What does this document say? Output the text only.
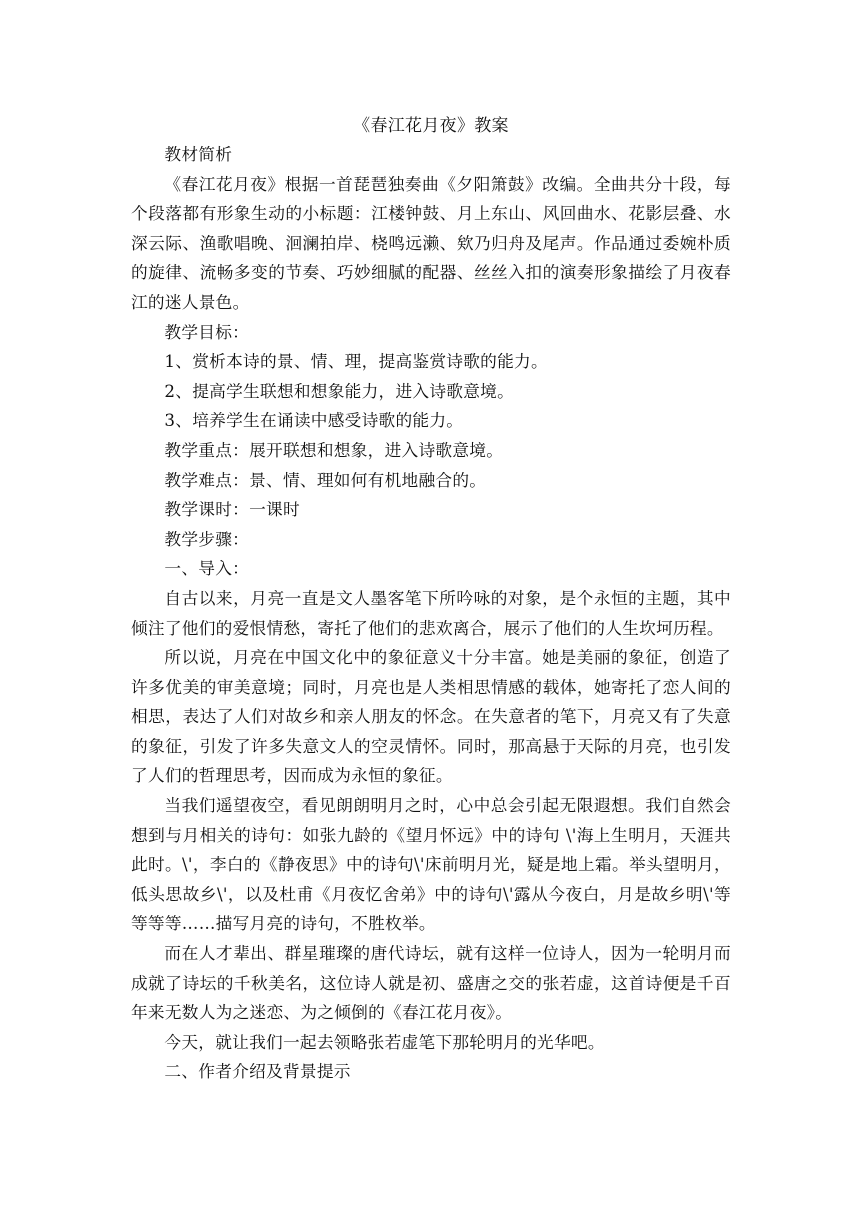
《春江花月夜》教案

教材简析

《春江花月夜》根据一首琵琶独奏曲《夕阳箫鼓》改编。全曲共分十段，每个段落都有形象生动的小标题：江楼钟鼓、月上东山、风回曲水、花影层叠、水深云际、渔歌唱晚、洄澜拍岸、桡鸣远濑、欸乃归舟及尾声。作品通过委婉朴质的旋律、流畅多变的节奏、巧妙细腻的配器、丝丝入扣的演奏形象描绘了月夜春江的迷人景色。

教学目标：

1、赏析本诗的景、情、理，提高鉴赏诗歌的能力。

2、提高学生联想和想象能力，进入诗歌意境。

3、培养学生在诵读中感受诗歌的能力。

教学重点：展开联想和想象，进入诗歌意境。

教学难点：景、情、理如何有机地融合的。

教学课时：一课时

教学步骤：

一、导入：

自古以来，月亮一直是文人墨客笔下所吟咏的对象，是个永恒的主题，其中倾注了他们的爱恨情愁，寄托了他们的悲欢离合，展示了他们的人生坎坷历程。

所以说，月亮在中国文化中的象征意义十分丰富。她是美丽的象征，创造了许多优美的审美意境；同时，月亮也是人类相思情感的载体，她寄托了恋人间的相思，表达了人们对故乡和亲人朋友的怀念。在失意者的笔下，月亮又有了失意的象征，引发了许多失意文人的空灵情怀。同时，那高悬于天际的月亮，也引发了人们的哲理思考，因而成为永恒的象征。

当我们遥望夜空，看见朗朗明月之时，心中总会引起无限遐想。我们自然会想到与月相关的诗句：如张九龄的《望月怀远》中的诗句 \'海上生明月，天涯共此时。\'，李白的《静夜思》中的诗句\'床前明月光，疑是地上霜。举头望明月，低头思故乡\'，以及杜甫《月夜忆舍弟》中的诗句\'露从今夜白，月是故乡明\'等等等等……描写月亮的诗句，不胜枚举。

而在人才辈出、群星璀璨的唐代诗坛，就有这样一位诗人，因为一轮明月而成就了诗坛的千秋美名，这位诗人就是初、盛唐之交的张若虚，这首诗便是千百年来无数人为之迷恋、为之倾倒的《春江花月夜》。

今天，就让我们一起去领略张若虚笔下那轮明月的光华吧。

二、作者介绍及背景提示
